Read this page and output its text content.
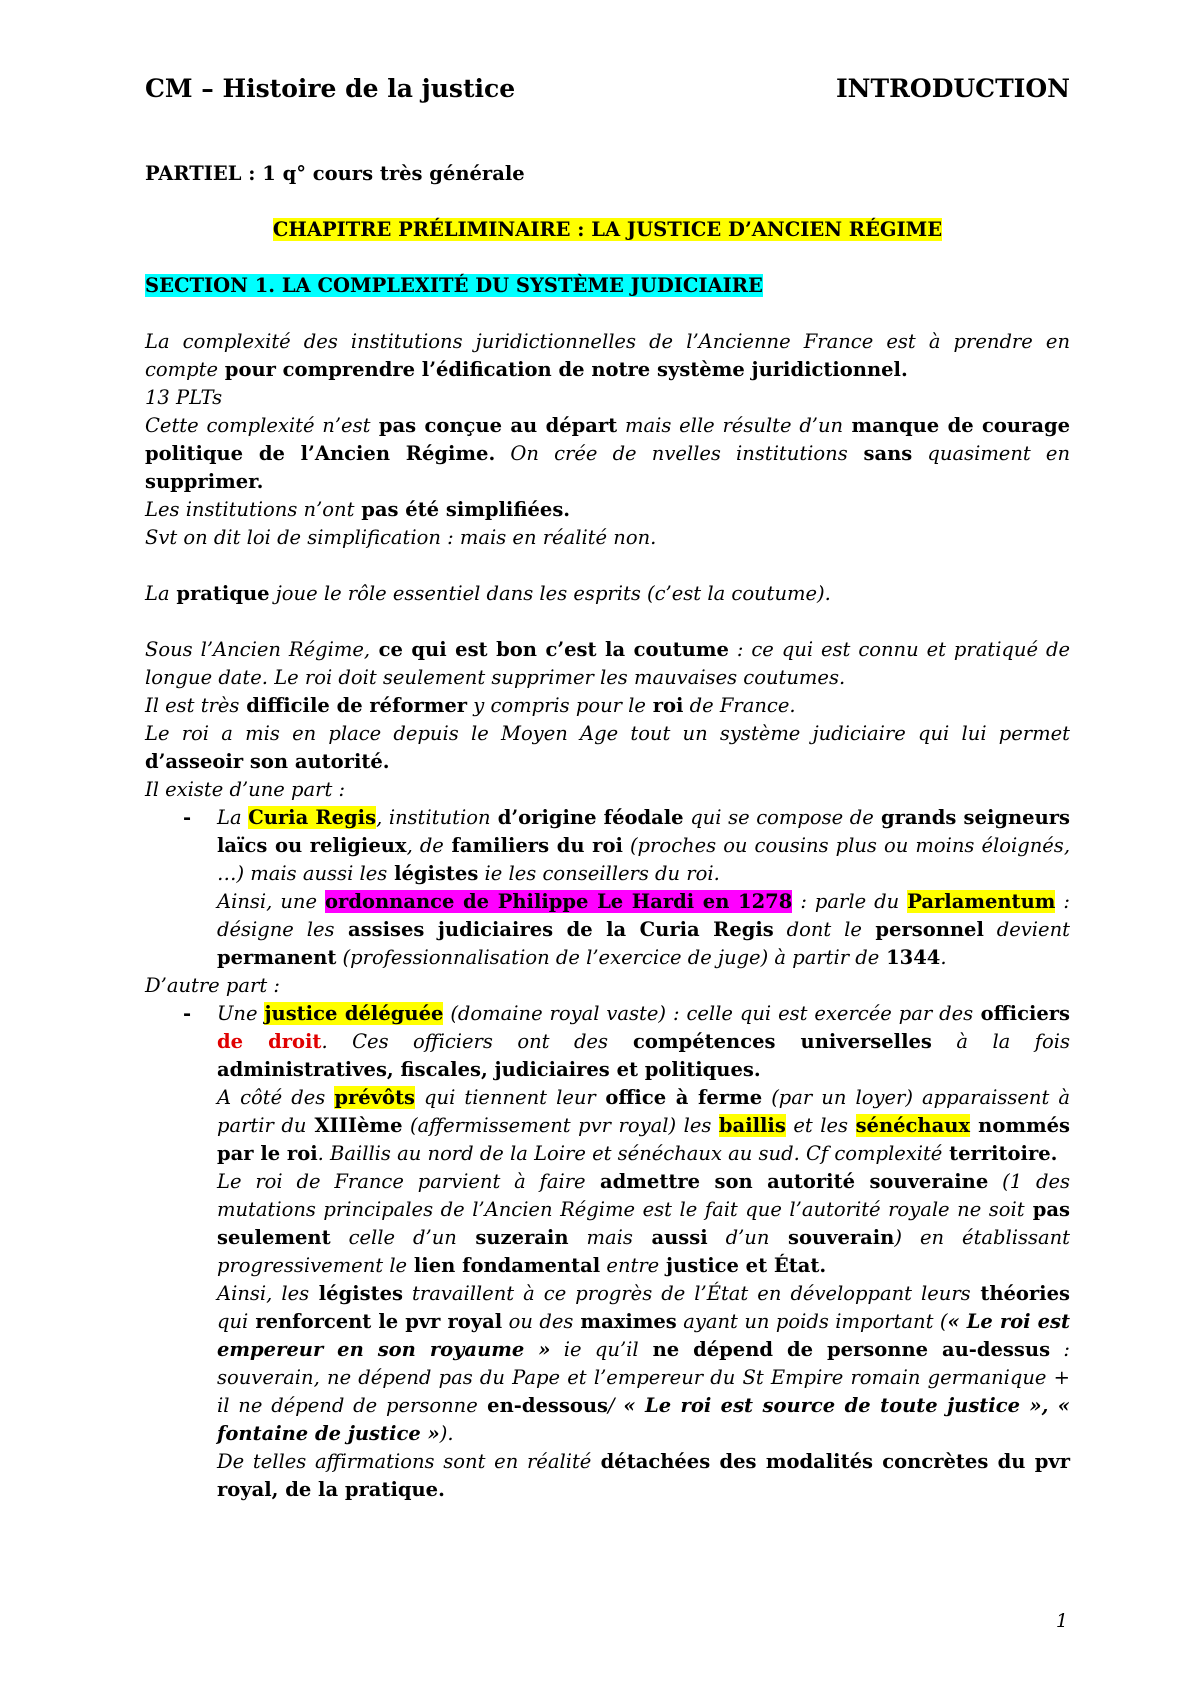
CM – Histoire de la justice	INTRODUCTION

PARTIEL : 1 q° cours très générale

CHAPITRE PRÉLIMINAIRE : LA JUSTICE D’ANCIEN RÉGIME

SECTION 1. LA COMPLEXITÉ DU SYSTÈME JUDICIAIRE

La complexité des institutions juridictionnelles de l’Ancienne France est à prendre en compte pour comprendre l’édification de notre système juridictionnel.

13 PLTs

Cette complexité n’est pas conçue au départ mais elle résulte d’un manque de courage politique de l’Ancien Régime. On crée de nvelles institutions sans quasiment en supprimer.

Les institutions n’ont pas été simplifiées.

Svt on dit loi de simplification : mais en réalité non.

La pratique joue le rôle essentiel dans les esprits (c’est la coutume).

Sous l’Ancien Régime, ce qui est bon c’est la coutume : ce qui est connu et pratiqué de longue date. Le roi doit seulement supprimer les mauvaises coutumes.

Il est très difficile de réformer y compris pour le roi de France.

Le roi a mis en place depuis le Moyen Age tout un système judiciaire qui lui permet d’asseoir son autorité.

Il existe d’une part :

-	La Curia Regis, institution d’origine féodale qui se compose de grands seigneurs laïcs ou religieux, de familiers du roi (proches ou cousins plus ou moins éloignés, …) mais aussi les légistes ie les conseillers du roi.

Ainsi, une ordonnance de Philippe Le Hardi en 1278 : parle du Parlamentum : désigne les assises judiciaires de la Curia Regis dont le personnel devient permanent (professionnalisation de l’exercice de juge) à partir de 1344.

D’autre part :

-	Une justice déléguée (domaine royal vaste) : celle qui est exercée par des officiers de droit. Ces officiers ont des compétences universelles à la fois administratives, fiscales, judiciaires et politiques.

A côté des prévôts qui tiennent leur office à ferme (par un loyer) apparaissent à partir du XIIIème (affermissement pvr royal) les baillis et les sénéchaux nommés par le roi. Baillis au nord de la Loire et sénéchaux au sud. Cf complexité territoire.

Le roi de France parvient à faire admettre son autorité souveraine (1 des mutations principales de l’Ancien Régime est le fait que l’autorité royale ne soit pas seulement celle d’un suzerain mais aussi d’un souverain) en établissant progressivement le lien fondamental entre justice et État.

Ainsi, les légistes travaillent à ce progrès de l’État en développant leurs théories qui renforcent le pvr royal ou des maximes ayant un poids important (« Le roi est empereur en son royaume » ie qu’il ne dépend de personne au-dessus : souverain, ne dépend pas du Pape et l’empereur du St Empire romain germanique + il ne dépend de personne en-dessous/ « Le roi est source de toute justice », « fontaine de justice »).

De telles affirmations sont en réalité détachées des modalités concrètes du pvr royal, de la pratique.

1
